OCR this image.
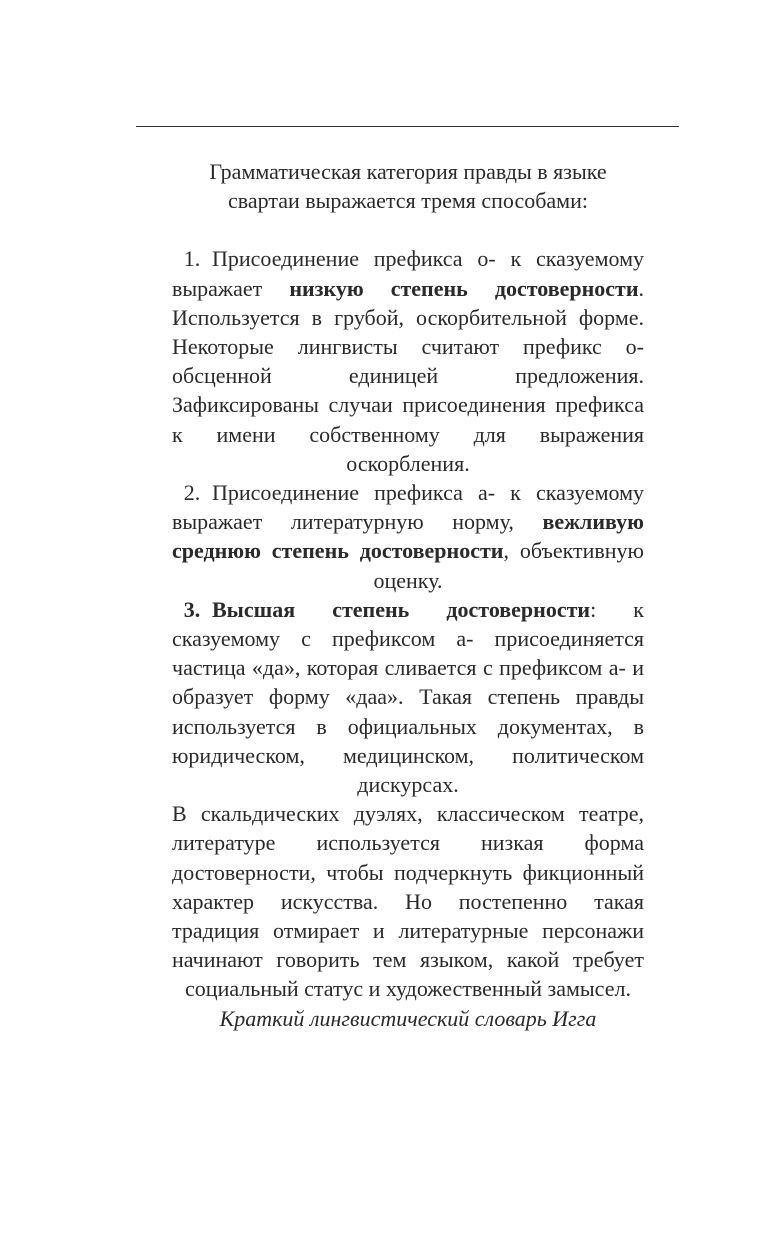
Грамматическая категория правды в языке свартаи выражается тремя способами:

1. Присоединение префикса о- к сказуемому выражает низкую степень достоверности. Используется в грубой, оскорбительной форме. Некоторые лингвисты считают префикс о- обсценной единицей предложения. Зафиксированы случаи присоединения префикса к имени собственному для выражения оскорбления.

2. Присоединение префикса а- к сказуемому выражает литературную норму, вежливую среднюю степень достоверности, объективную оценку.

3. Высшая степень достоверности: к сказуемому с префиксом а- присоединяется частица «да», которая сливается с префиксом а- и образует форму «даа». Такая степень правды используется в официальных документах, в юридическом, медицинском, политическом дискурсах.

В скальдических дуэлях, классическом театре, литературе используется низкая форма достоверности, чтобы подчеркнуть фикционный характер искусства. Но постепенно такая традиция отмирает и литературные персонажи начинают говорить тем языком, какой требует социальный статус и художественный замысел.

Краткий лингвистический словарь Игга
